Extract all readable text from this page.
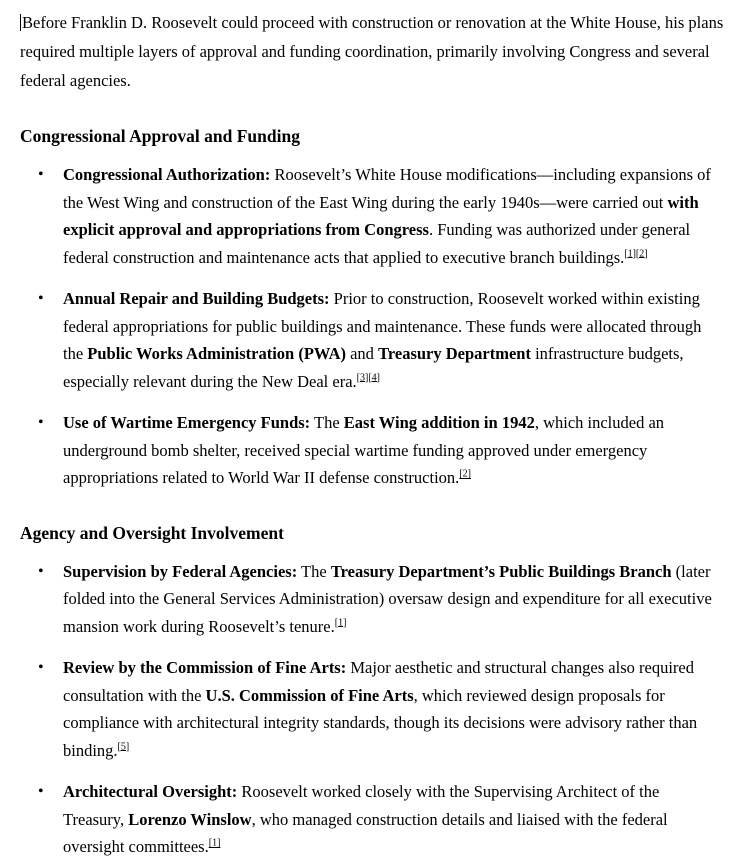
Before Franklin D. Roosevelt could proceed with construction or renovation at the White House, his plans required multiple layers of approval and funding coordination, primarily involving Congress and several federal agencies.

Congressional Approval and Funding
• Congressional Authorization: Roosevelt’s White House modifications—including expansions of the West Wing and construction of the East Wing during the early 1940s—were carried out with explicit approval and appropriations from Congress. Funding was authorized under general federal construction and maintenance acts that applied to executive branch buildings.[1][2]
• Annual Repair and Building Budgets: Prior to construction, Roosevelt worked within existing federal appropriations for public buildings and maintenance. These funds were allocated through the Public Works Administration (PWA) and Treasury Department infrastructure budgets, especially relevant during the New Deal era.[3][4]
• Use of Wartime Emergency Funds: The East Wing addition in 1942, which included an underground bomb shelter, received special wartime funding approved under emergency appropriations related to World War II defense construction.[2]
Agency and Oversight Involvement
• Supervision by Federal Agencies: The Treasury Department’s Public Buildings Branch (later folded into the General Services Administration) oversaw design and expenditure for all executive mansion work during Roosevelt’s tenure.[1]
• Review by the Commission of Fine Arts: Major aesthetic and structural changes also required consultation with the U.S. Commission of Fine Arts, which reviewed design proposals for compliance with architectural integrity standards, though its decisions were advisory rather than binding.[5]
• Architectural Oversight: Roosevelt worked closely with the Supervising Architect of the Treasury, Lorenzo Winslow, who managed construction details and liaised with the federal oversight committees.[1]
